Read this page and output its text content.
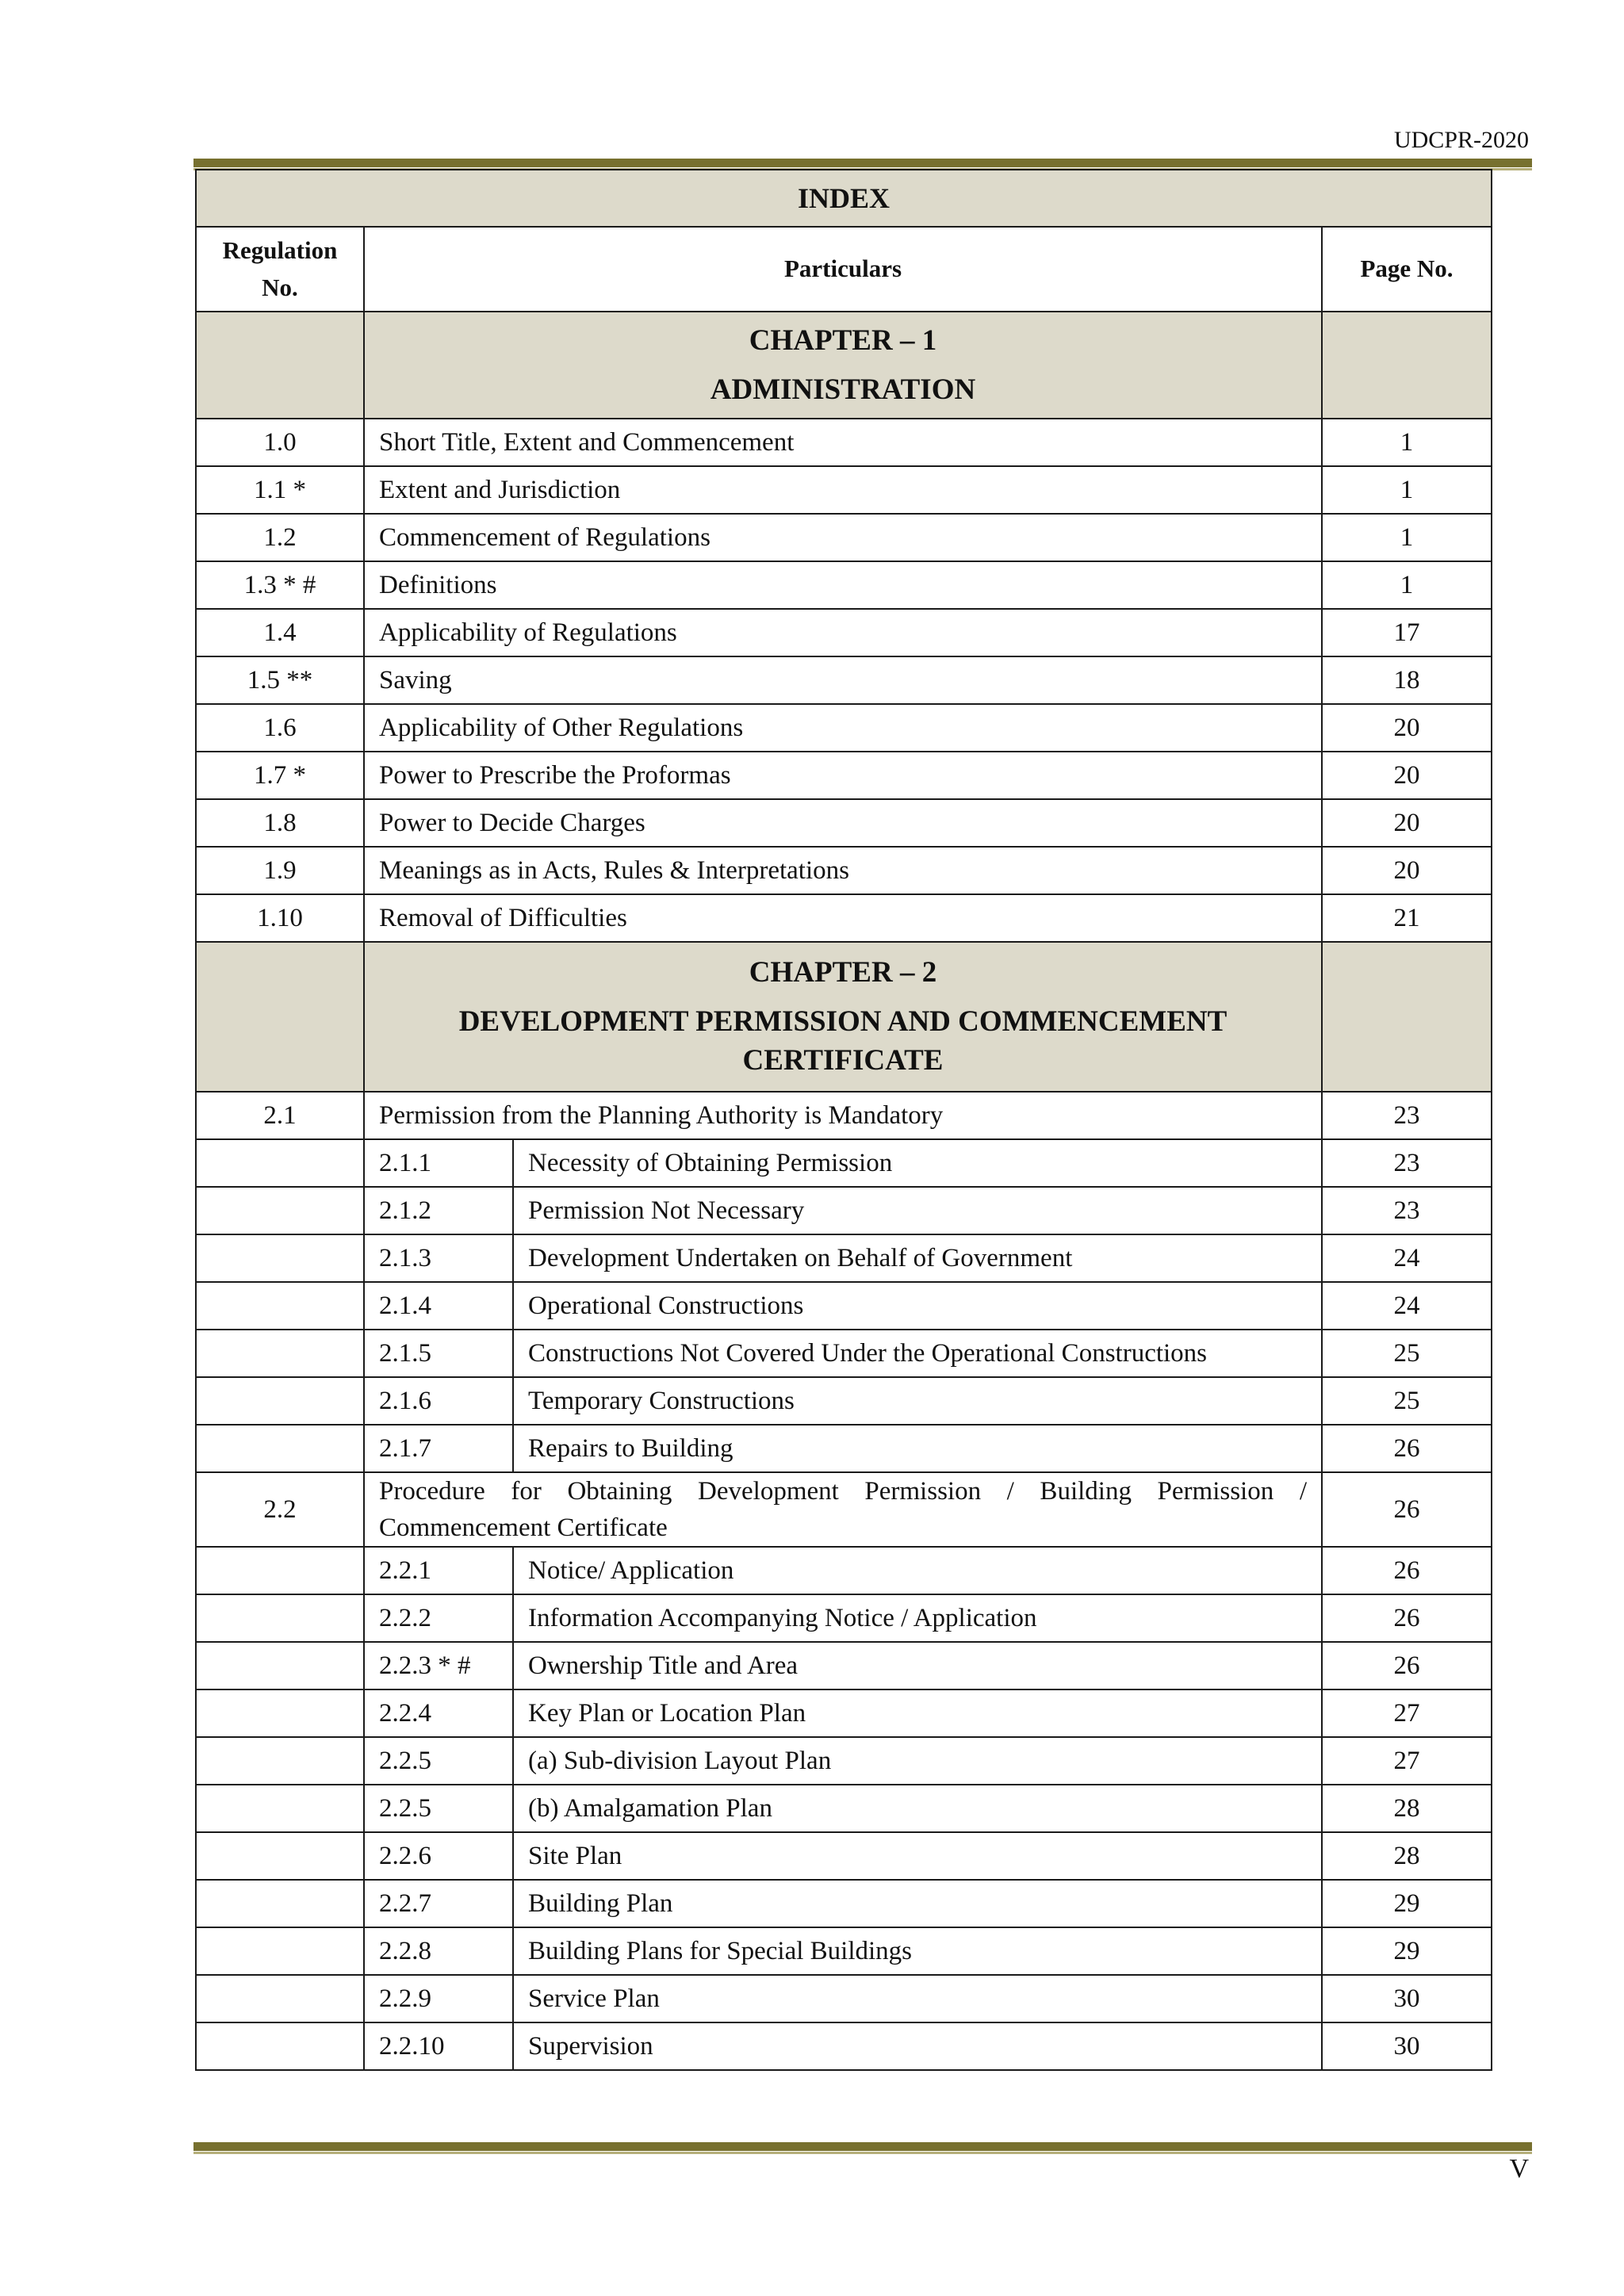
UDCPR-2020
INDEX			
Regulation No.	Particulars		Page No.

	CHAPTER – 1
ADMINISTRATION		

1.0	Short Title, Extent and Commencement		1
1.1 *	Extent and Jurisdiction		1
1.2	Commencement of Regulations		1
1.3 * #	Definitions		1
1.4	Applicability of Regulations		17
1.5 **	Saving		18
1.6	Applicability of Other Regulations		20
1.7 *	Power to Prescribe the Proformas		20
1.8	Power to Decide Charges		20
1.9	Meanings as in Acts, Rules & Interpretations		20
1.10	Removal of Difficulties		21

	CHAPTER – 2
DEVELOPMENT PERMISSION AND COMMENCEMENT CERTIFICATE		

2.1	Permission from the Planning Authority is Mandatory		23
	2.1.1	Necessity of Obtaining Permission	23
	2.1.2	Permission Not Necessary	23
	2.1.3	Development Undertaken on Behalf of Government	24
	2.1.4	Operational Constructions	24
	2.1.5	Constructions Not Covered Under the Operational Constructions	25
	2.1.6	Temporary Constructions	25
	2.1.7	Repairs to Building	26
2.2	Procedure for Obtaining Development Permission / Building Permission / Commencement Certificate		26
	2.2.1	Notice/ Application	26
	2.2.2	Information Accompanying Notice / Application	26
	2.2.3 * #	Ownership Title and Area	26
	2.2.4	Key Plan or Location Plan	27
	2.2.5	(a) Sub-division Layout Plan	27
	2.2.5	(b) Amalgamation Plan	28
	2.2.6	Site Plan	28
	2.2.7	Building Plan	29
	2.2.8	Building Plans for Special Buildings	29
	2.2.9	Service Plan	30
	2.2.10	Supervision	30
V
